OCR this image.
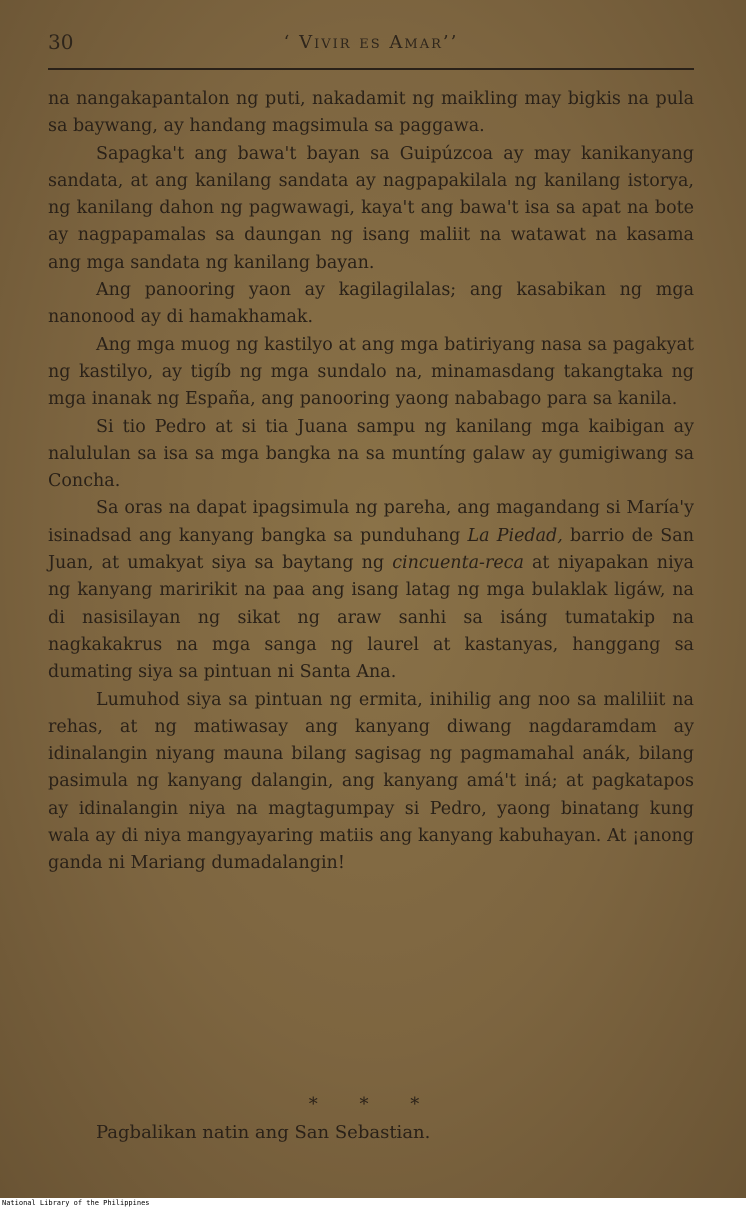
30	‘ Vivir es Amar’’

na nangakapantalon ng puti, nakadamit ng maikling may bigkis na pula sa baywang, ay handang magsimula sa paggawa.

Sapagka't ang bawa't bayan sa Guipúzcoa ay may kanikanyang sandata, at ang kanilang sandata ay nagpapakilala ng kanilang istorya, ng kanilang dahon ng pagwawagi, kaya't ang bawa't isa sa apat na bote ay nagpapamalas sa daungan ng isang maliit na watawat na kasama ang mga sandata ng kanilang bayan.

Ang panooring yaon ay kagilagilalas; ang kasabikan ng mga nanonood ay di hamakhamak.

Ang mga muog ng kastilyo at ang mga batiriyang nasa sa pagakyat ng kastilyo, ay tigíb ng mga sundalo na, minamasdang takangtaka ng mga inanak ng España, ang panooring yaong nababago para sa kanila.

Si tio Pedro at si tia Juana sampu ng kanilang mga kaibigan ay nalululan sa isa sa mga bangka na sa muntíng galaw ay gumigiwang sa Concha.

Sa oras na dapat ipagsimula ng pareha, ang magandang si María'y isinadsad ang kanyang bangka sa punduhang La Piedad, barrio de San Juan, at umakyat siya sa baytang ng cincuenta-reca at niyapakan niya ng kanyang maririkit na paa ang isang latag ng mga bulaklak ligáw, na di nasisilayan ng sikat ng araw sanhi sa isáng tumatakip na nagkakakrus na mga sanga ng laurel at kastanyas, hanggang sa dumating siya sa pintuan ni Santa Ana.

Lumuhod siya sa pintuan ng ermita, inihilig ang noo sa maliliit na rehas, at ng matiwasay ang kanyang diwang nagdaramdam ay idinalangin niyang mauna bilang sagisag ng pagmamahal anák, bilang pasimula ng kanyang dalangin, ang kanyang amá't iná; at pagkatapos ay idinalangin niya na magtagumpay si Pedro, yaong binatang kung wala ay di niya mangyayaring matiis ang kanyang kabuhayan. At ¡anong ganda ni Mariang dumadalangin!

* * *
Pagbalikan natin ang San Sebastian.
National Library of the Philippines
